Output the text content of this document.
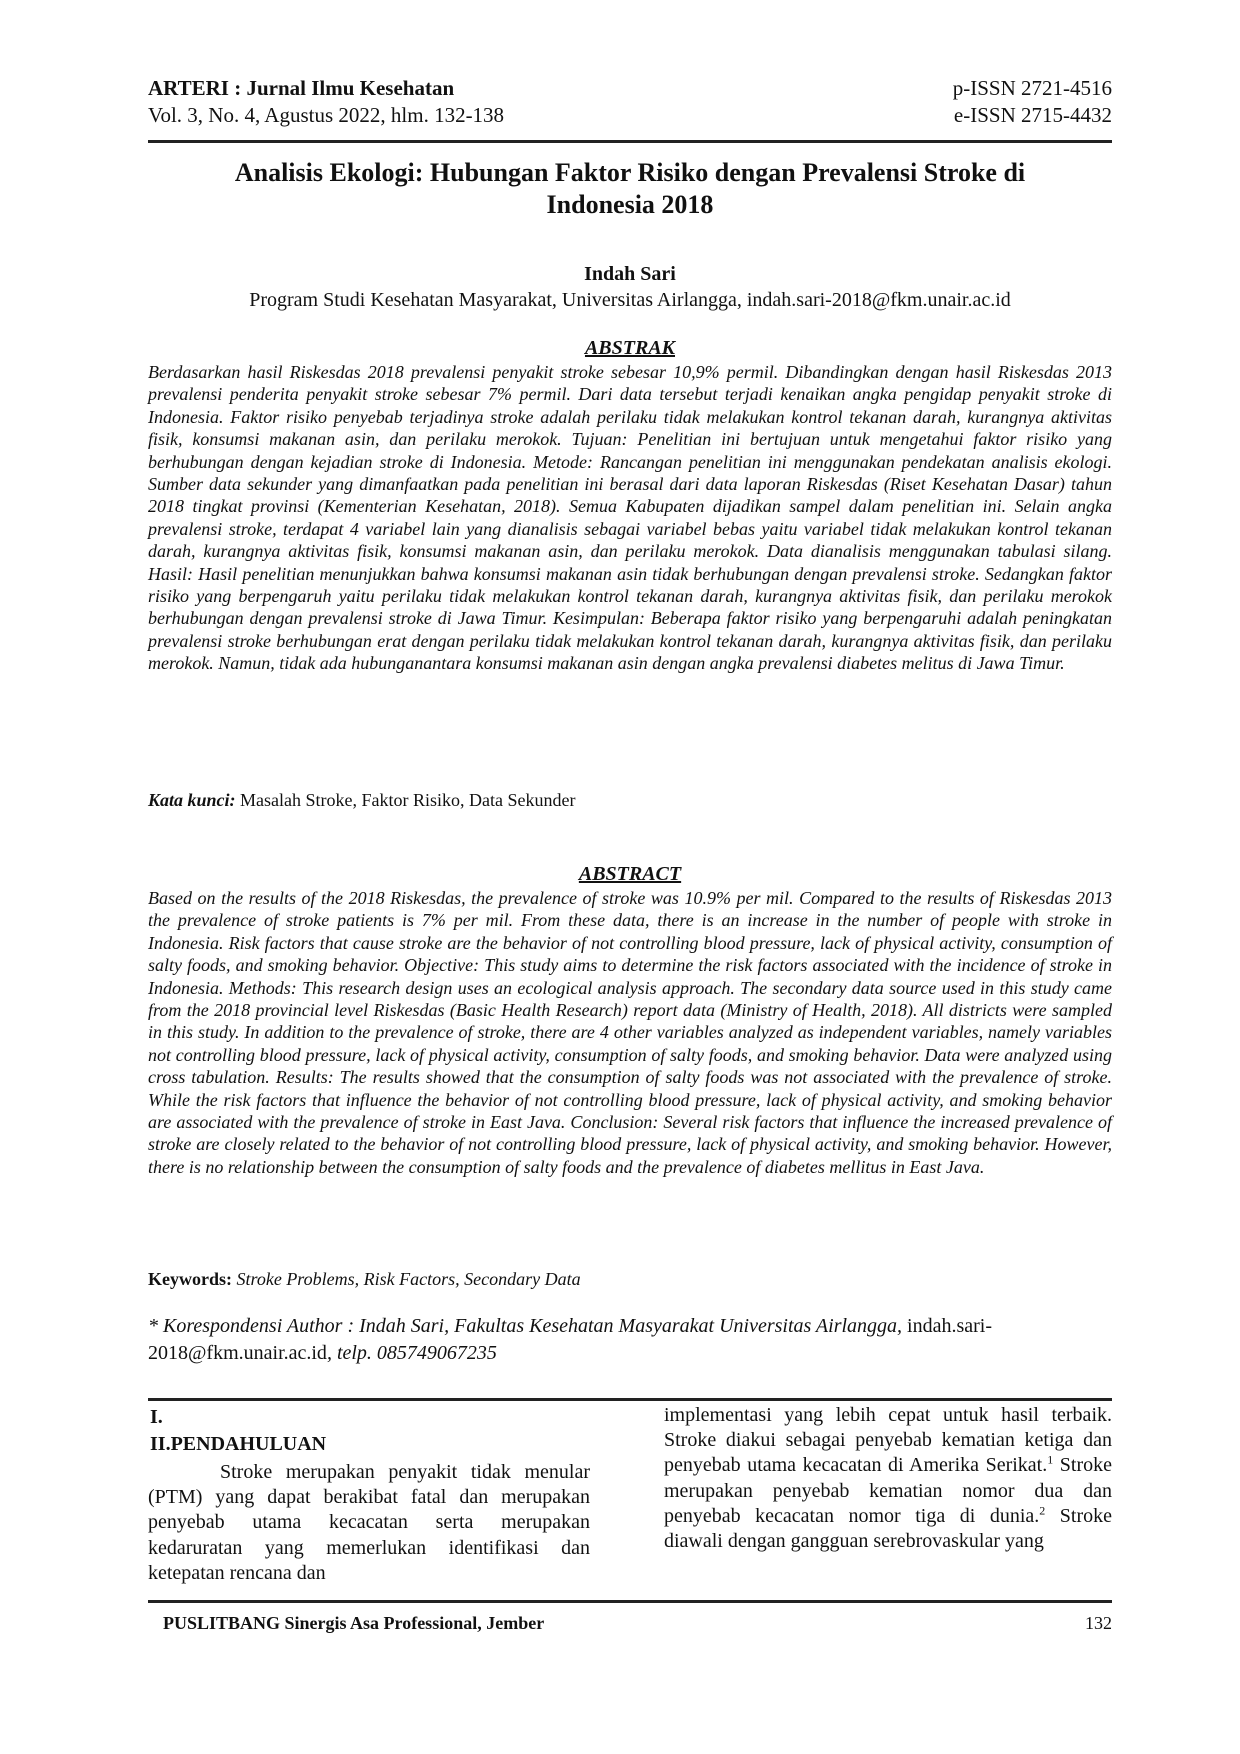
ARTERI : Jurnal Ilmu Kesehatan
Vol. 3, No. 4, Agustus 2022, hlm. 132-138
p-ISSN 2721-4516
e-ISSN 2715-4432
Analisis Ekologi: Hubungan Faktor Risiko dengan Prevalensi Stroke di
Indonesia 2018
Indah Sari
Program Studi Kesehatan Masyarakat, Universitas Airlangga, indah.sari-2018@fkm.unair.ac.id
ABSTRAK
Berdasarkan hasil Riskesdas 2018 prevalensi penyakit stroke sebesar 10,9% permil. Dibandingkan dengan hasil Riskesdas 2013 prevalensi penderita penyakit stroke sebesar 7% permil. Dari data tersebut terjadi kenaikan angka pengidap penyakit stroke di Indonesia. Faktor risiko penyebab terjadinya stroke adalah perilaku tidak melakukan kontrol tekanan darah, kurangnya aktivitas fisik, konsumsi makanan asin, dan perilaku merokok. Tujuan: Penelitian ini bertujuan untuk mengetahui faktor risiko yang berhubungan dengan kejadian stroke di Indonesia. Metode: Rancangan penelitian ini menggunakan pendekatan analisis ekologi. Sumber data sekunder yang dimanfaatkan pada penelitian ini berasal dari data laporan Riskesdas (Riset Kesehatan Dasar) tahun 2018 tingkat provinsi (Kementerian Kesehatan, 2018). Semua Kabupaten dijadikan sampel dalam penelitian ini. Selain angka prevalensi stroke, terdapat 4 variabel lain yang dianalisis sebagai variabel bebas yaitu variabel tidak melakukan kontrol tekanan darah, kurangnya aktivitas fisik, konsumsi makanan asin, dan perilaku merokok. Data dianalisis menggunakan tabulasi silang. Hasil: Hasil penelitian menunjukkan bahwa konsumsi makanan asin tidak berhubungan dengan prevalensi stroke. Sedangkan faktor risiko yang berpengaruh yaitu perilaku tidak melakukan kontrol tekanan darah, kurangnya aktivitas fisik, dan perilaku merokok berhubungan dengan prevalensi stroke di Jawa Timur. Kesimpulan: Beberapa faktor risiko yang berpengaruhi adalah peningkatan prevalensi stroke berhubungan erat dengan perilaku tidak melakukan kontrol tekanan darah, kurangnya aktivitas fisik, dan perilaku merokok. Namun, tidak ada hubunganantara konsumsi makanan asin dengan angka prevalensi diabetes melitus di Jawa Timur.
Kata kunci: Masalah Stroke, Faktor Risiko, Data Sekunder
ABSTRACT
Based on the results of the 2018 Riskesdas, the prevalence of stroke was 10.9% per mil. Compared to the results of Riskesdas 2013 the prevalence of stroke patients is 7% per mil. From these data, there is an increase in the number of people with stroke in Indonesia. Risk factors that cause stroke are the behavior of not controlling blood pressure, lack of physical activity, consumption of salty foods, and smoking behavior. Objective: This study aims to determine the risk factors associated with the incidence of stroke in Indonesia. Methods: This research design uses an ecological analysis approach. The secondary data source used in this study came from the 2018 provincial level Riskesdas (Basic Health Research) report data (Ministry of Health, 2018). All districts were sampled in this study. In addition to the prevalence of stroke, there are 4 other variables analyzed as independent variables, namely variables not controlling blood pressure, lack of physical activity, consumption of salty foods, and smoking behavior. Data were analyzed using cross tabulation. Results: The results showed that the consumption of salty foods was not associated with the prevalence of stroke. While the risk factors that influence the behavior of not controlling blood pressure, lack of physical activity, and smoking behavior are associated with the prevalence of stroke in East Java. Conclusion: Several risk factors that influence the increased prevalence of stroke are closely related to the behavior of not controlling blood pressure, lack of physical activity, and smoking behavior. However, there is no relationship between the consumption of salty foods and the prevalence of diabetes mellitus in East Java.
Keywords: Stroke Problems, Risk Factors, Secondary Data
* Korespondensi Author : Indah Sari, Fakultas Kesehatan Masyarakat Universitas Airlangga, indah.sari-2018@fkm.unair.ac.id, telp. 085749067235
I.
II.PENDAHULUAN
Stroke merupakan penyakit tidak menular (PTM) yang dapat berakibat fatal dan merupakan penyebab utama kecacatan serta merupakan kedaruratan yang memerlukan identifikasi dan ketepatan rencana dan
implementasi yang lebih cepat untuk hasil terbaik. Stroke diakui sebagai penyebab kematian ketiga dan penyebab utama kecacatan di Amerika Serikat.$^1$ Stroke merupakan penyebab kematian nomor dua dan penyebab kecacatan nomor tiga di dunia.$^2$ Stroke diawali dengan gangguan serebrovaskular yang
PUSLITBANG Sinergis Asa Professional, Jember	132
